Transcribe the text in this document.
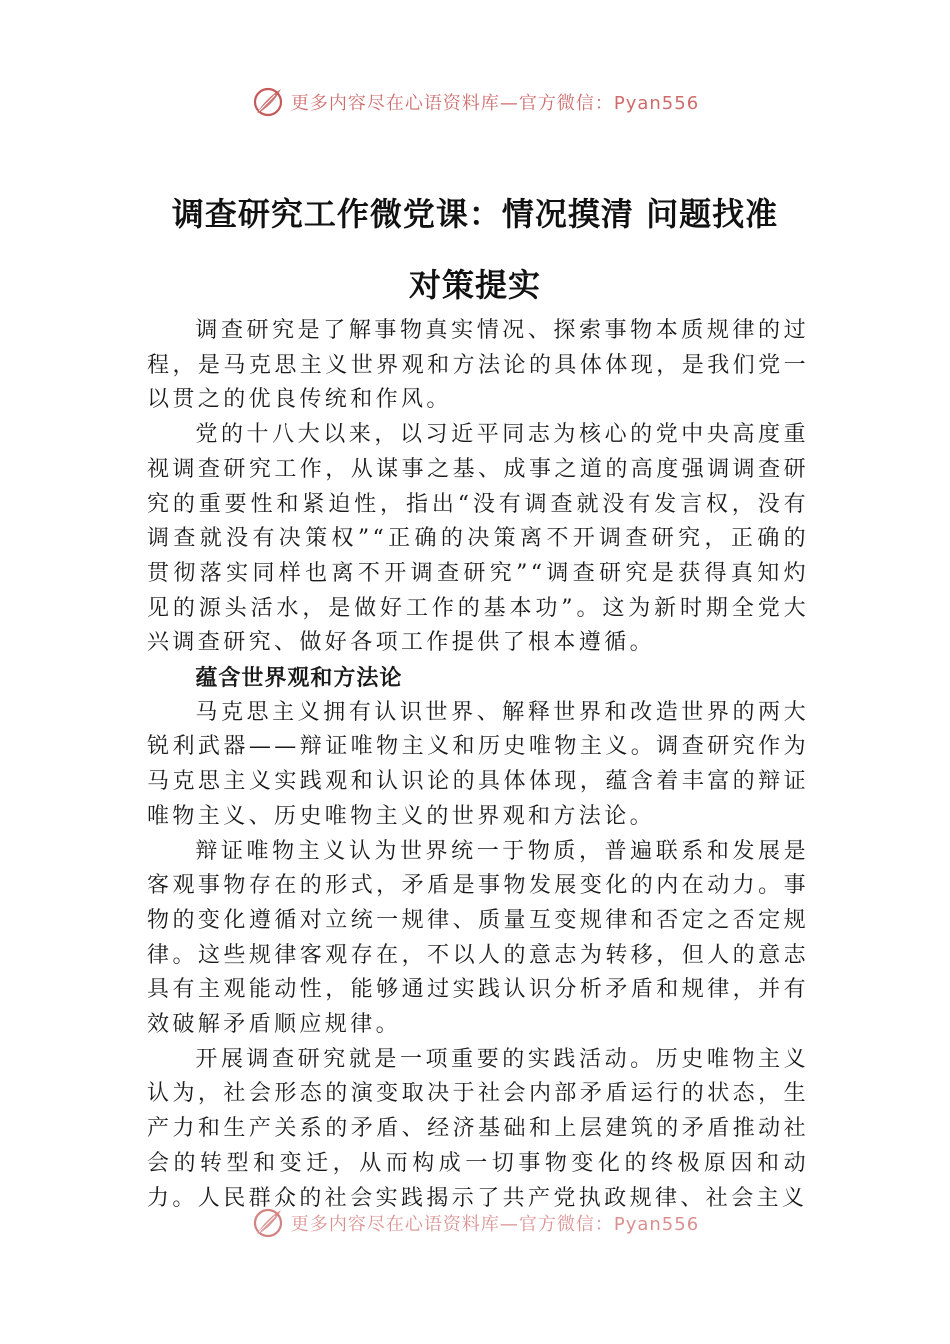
更多内容尽在心语资料库—官方微信：Pyan556
调查研究工作微党课：情况摸清 问题找准
对策提实

调查研究是了解事物真实情况、探索事物本质规律的过程，是马克思主义世界观和方法论的具体体现，是我们党一以贯之的优良传统和作风。

党的十八大以来，以习近平同志为核心的党中央高度重视调查研究工作，从谋事之基、成事之道的高度强调调查研究的重要性和紧迫性，指出“没有调查就没有发言权，没有调查就没有决策权”“正确的决策离不开调查研究，正确的贯彻落实同样也离不开调查研究”“调查研究是获得真知灼见的源头活水，是做好工作的基本功”。这为新时期全党大兴调查研究、做好各项工作提供了根本遵循。

蕴含世界观和方法论

马克思主义拥有认识世界、解释世界和改造世界的两大锐利武器——辩证唯物主义和历史唯物主义。调查研究作为马克思主义实践观和认识论的具体体现，蕴含着丰富的辩证唯物主义、历史唯物主义的世界观和方法论。

辩证唯物主义认为世界统一于物质，普遍联系和发展是客观事物存在的形式，矛盾是事物发展变化的内在动力。事物的变化遵循对立统一规律、质量互变规律和否定之否定规律。这些规律客观存在，不以人的意志为转移，但人的意志具有主观能动性，能够通过实践认识分析矛盾和规律，并有效破解矛盾顺应规律。

开展调查研究就是一项重要的实践活动。历史唯物主义认为，社会形态的演变取决于社会内部矛盾运行的状态，生产力和生产关系的矛盾、经济基础和上层建筑的矛盾推动社会的转型和变迁，从而构成一切事物变化的终极原因和动力。人民群众的社会实践揭示了共产党执政规律、社会主义

更多内容尽在心语资料库—官方微信：Pyan556
